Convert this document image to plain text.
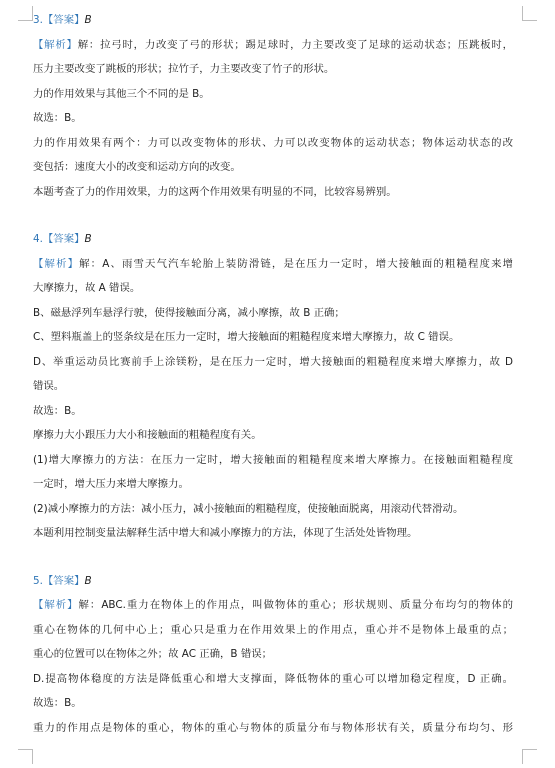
3.【答案】B
【解析】解：拉弓时，力改变了弓的形状；踢足球时，力主要改变了足球的运动状态；压跳板时，
压力主要改变了跳板的形状；拉竹子，力主要改变了竹子的形状。
力的作用效果与其他三个不同的是 B。
故选：B。
力的作用效果有两个：力可以改变物体的形状、力可以改变物体的运动状态；物体运动状态的改
变包括：速度大小的改变和运动方向的改变。
本题考查了力的作用效果，力的这两个作用效果有明显的不同，比较容易辨别。
4.【答案】B
【解析】解：A、雨雪天气汽车轮胎上装防滑链，是在压力一定时，增大接触面的粗糙程度来增
大摩擦力，故 A 错误。
B、磁悬浮列车悬浮行驶，使得接触面分离，减小摩擦，故 B 正确；
C、塑料瓶盖上的竖条纹是在压力一定时，增大接触面的粗糙程度来增大摩擦力，故 C 错误。
D、举重运动员比赛前手上涂镁粉，是在压力一定时，增大接触面的粗糙程度来增大摩擦力，故 D
错误。
故选：B。
摩擦力大小跟压力大小和接触面的粗糙程度有关。
(1)增大摩擦力的方法：在压力一定时，增大接触面的粗糙程度来增大摩擦力。在接触面粗糙程度
一定时，增大压力来增大摩擦力。
(2)减小摩擦力的方法：减小压力，减小接触面的粗糙程度，使接触面脱离，用滚动代替滑动。
本题利用控制变量法解释生活中增大和减小摩擦力的方法，体现了生活处处皆物理。
5.【答案】B
【解析】解：ABC.重力在物体上的作用点，叫做物体的重心；形状规则、质量分布均匀的物体的
重心在物体的几何中心上；重心只是重力在作用效果上的作用点，重心并不是物体上最重的点；
重心的位置可以在物体之外；故 AC 正确，B 错误；
D.提高物体稳度的方法是降低重心和增大支撑面，降低物体的重心可以增加稳定程度，D 正确。
故选：B。
重力的作用点是物体的重心，物体的重心与物体的质量分布与物体形状有关，质量分布均匀、形
